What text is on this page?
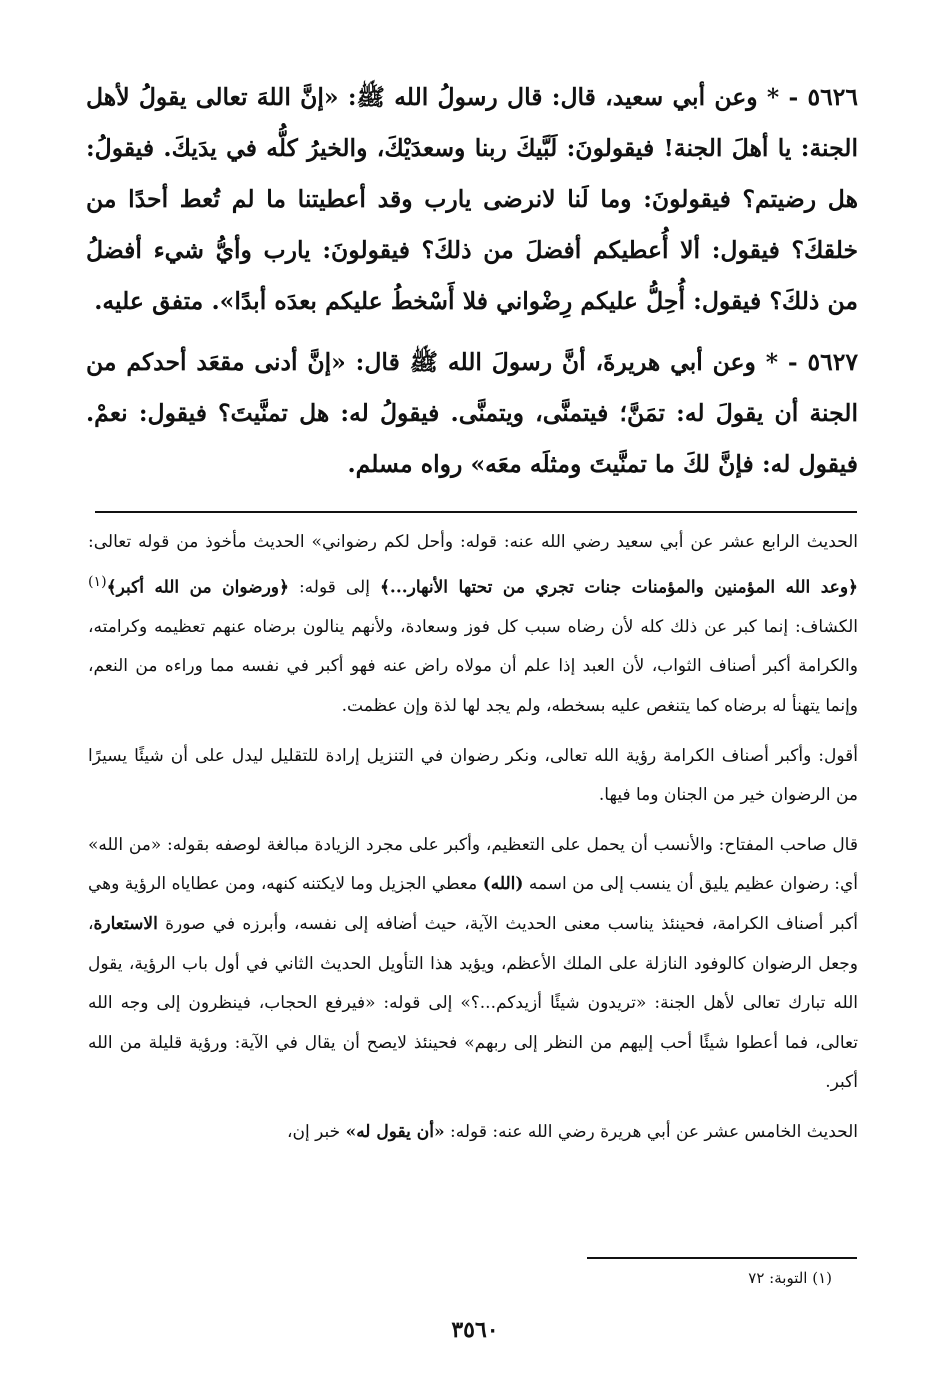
٥٦٢٦ - * وعن أبي سعيد، قال: قال رسولُ الله ﷺ: «إنَّ اللهَ تعالى يقولُ لأهل الجنة: يا أهلَ الجنة! فيقولونَ: لَبَّيكَ ربنا وسعدَيْكَ، والخيرُ كلُّه في يدَيكَ. فيقولُ: هل رضيتم؟ فيقولونَ: وما لَنا لانرضى يارب وقد أعطيتنا ما لم تُعط أحدًا من خلقكَ؟ فيقول: ألا أُعطيكم أفضلَ من ذلكَ؟ فيقولونَ: يارب وأيُّ شيء أفضلُ من ذلكَ؟ فيقول: أُحِلُّ عليكم رِضْواني فلا أَسْخطُ عليكم بعدَه أبدًا». متفق عليه.

٥٦٢٧ - * وعن أبي هريرةَ، أنَّ رسولَ الله ﷺ قال: «إنَّ أدنى مقعَد أحدكم من الجنة أن يقولَ له: تمَنَّ؛ فيتمنَّى، ويتمنَّى. فيقولُ له: هل تمنَّيتَ؟ فيقول: نعمْ. فيقول له: فإنَّ لكَ ما تمنَّيتَ ومثلَه معَه» رواه مسلم.

الحديث الرابع عشر عن أبي سعيد رضي الله عنه: قوله: وأحل لكم رضواني» الحديث مأخوذ من قوله تعالى: ﴿وعد الله المؤمنين والمؤمنات جنات تجري من تحتها الأنهار...﴾ إلى قوله: ﴿ورضوان من الله أكبر﴾$^{(١)}$ الكشاف: إنما كبر عن ذلك كله لأن رضاه سبب كل فوز وسعادة، ولأنهم ينالون برضاه عنهم تعظيمه وكرامته، والكرامة أكبر أصناف الثواب، لأن العبد إذا علم أن مولاه راض عنه فهو أكبر في نفسه مما وراءه من النعم، وإنما يتهنأ له برضاه كما يتنغص عليه بسخطه، ولم يجد لها لذة وإن عظمت.

أقول: وأكبر أصناف الكرامة رؤية الله تعالى، ونكر رضوان في التنزيل إرادة للتقليل ليدل على أن شيئًا يسيرًا من الرضوان خير من الجنان وما فيها.

قال صاحب المفتاح: والأنسب أن يحمل على التعظيم، وأكبر على مجرد الزيادة مبالغة لوصفه بقوله: «من الله» أي: رضوان عظيم يليق أن ينسب إلى من اسمه (الله) معطي الجزيل وما لايكتنه كنهه، ومن عطاياه الرؤية وهي أكبر أصناف الكرامة، فحينئذ يناسب معنى الحديث الآية، حيث أضافه إلى نفسه، وأبرزه في صورة الاستعارة، وجعل الرضوان كالوفود النازلة على الملك الأعظم، ويؤيد هذا التأويل الحديث الثاني في أول باب الرؤية، يقول الله تبارك تعالى لأهل الجنة: «تريدون شيئًا أزيدكم...؟» إلى قوله: «فيرفع الحجاب، فينظرون إلى وجه الله تعالى، فما أعطوا شيئًا أحب إليهم من النظر إلى ربهم» فحينئذ لايصح أن يقال في الآية: ورؤية قليلة من الله أكبر.

الحديث الخامس عشر عن أبي هريرة رضي الله عنه: قوله: «أن يقول له» خبر إن،

(١) التوبة: ٧٢
٣٥٦٠
